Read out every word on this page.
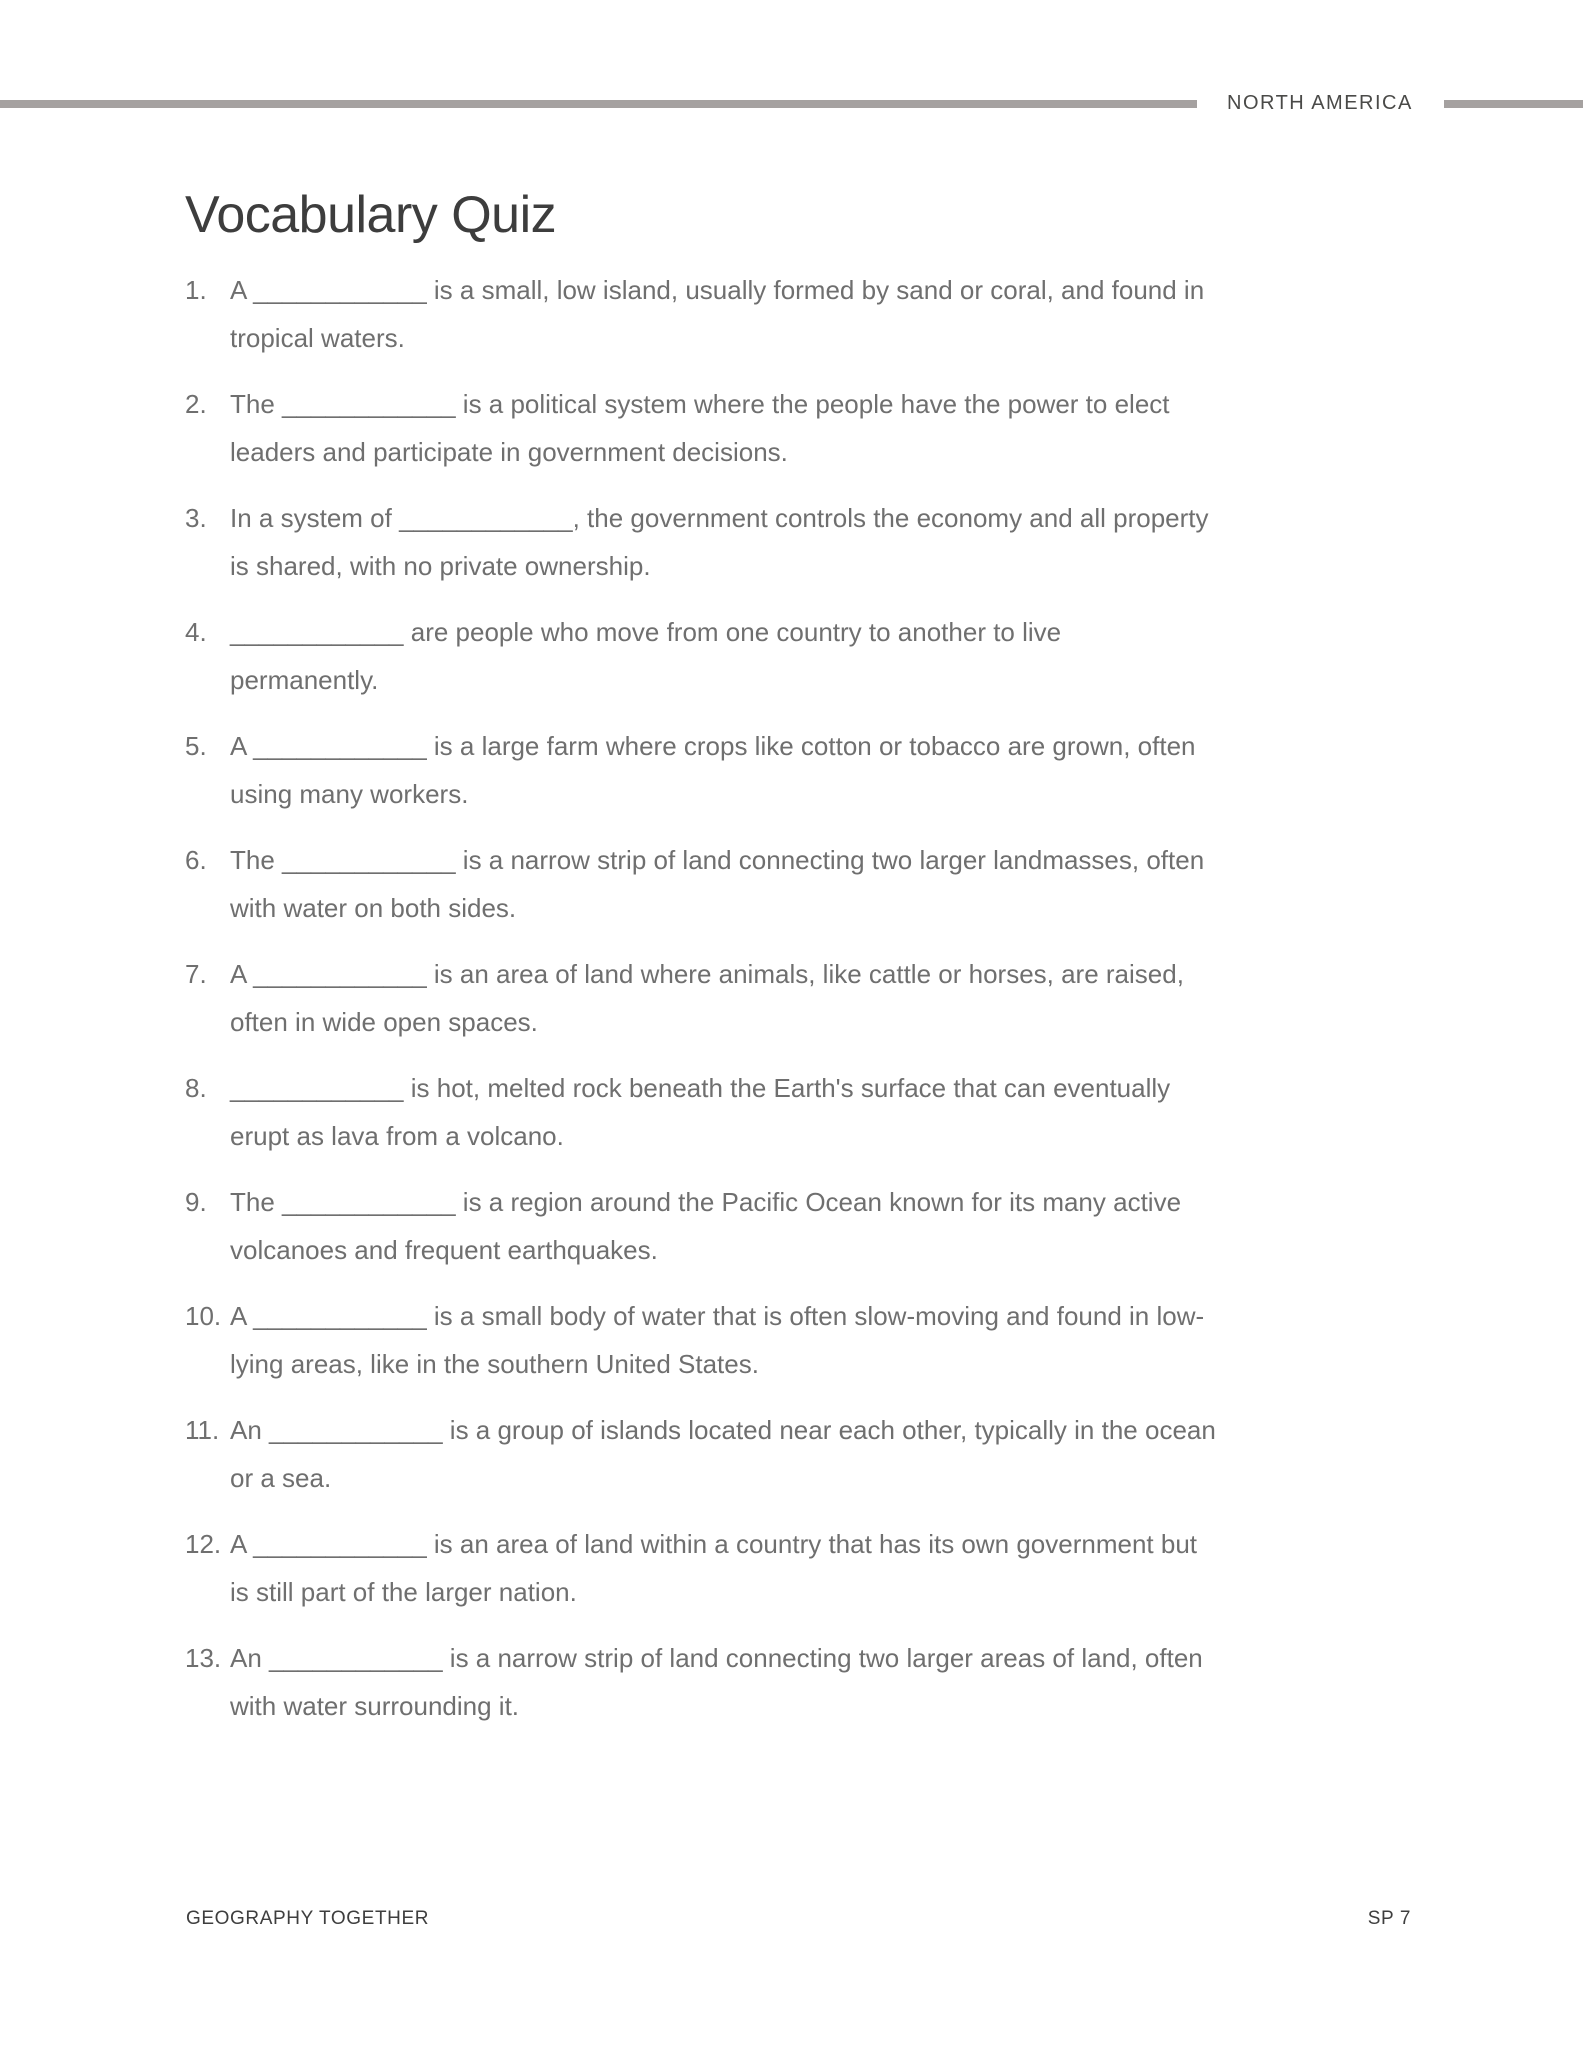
NORTH AMERICA
Vocabulary Quiz
1. A ____________ is a small, low island, usually formed by sand or coral, and found in
tropical waters.
2. The ____________ is a political system where the people have the power to elect
leaders and participate in government decisions.
3. In a system of ____________, the government controls the economy and all property
is shared, with no private ownership.
4. ____________ are people who move from one country to another to live
permanently.
5. A ____________ is a large farm where crops like cotton or tobacco are grown, often
using many workers.
6. The ____________ is a narrow strip of land connecting two larger landmasses, often
with water on both sides.
7. A ____________ is an area of land where animals, like cattle or horses, are raised,
often in wide open spaces.
8. ____________ is hot, melted rock beneath the Earth's surface that can eventually
erupt as lava from a volcano.
9. The ____________ is a region around the Pacific Ocean known for its many active
volcanoes and frequent earthquakes.
10. A ____________ is a small body of water that is often slow-moving and found in low-
lying areas, like in the southern United States.
11. An ____________ is a group of islands located near each other, typically in the ocean
or a sea.
12. A ____________ is an area of land within a country that has its own government but
is still part of the larger nation.
13. An ____________ is a narrow strip of land connecting two larger areas of land, often
with water surrounding it.
GEOGRAPHY TOGETHER	SP 7
